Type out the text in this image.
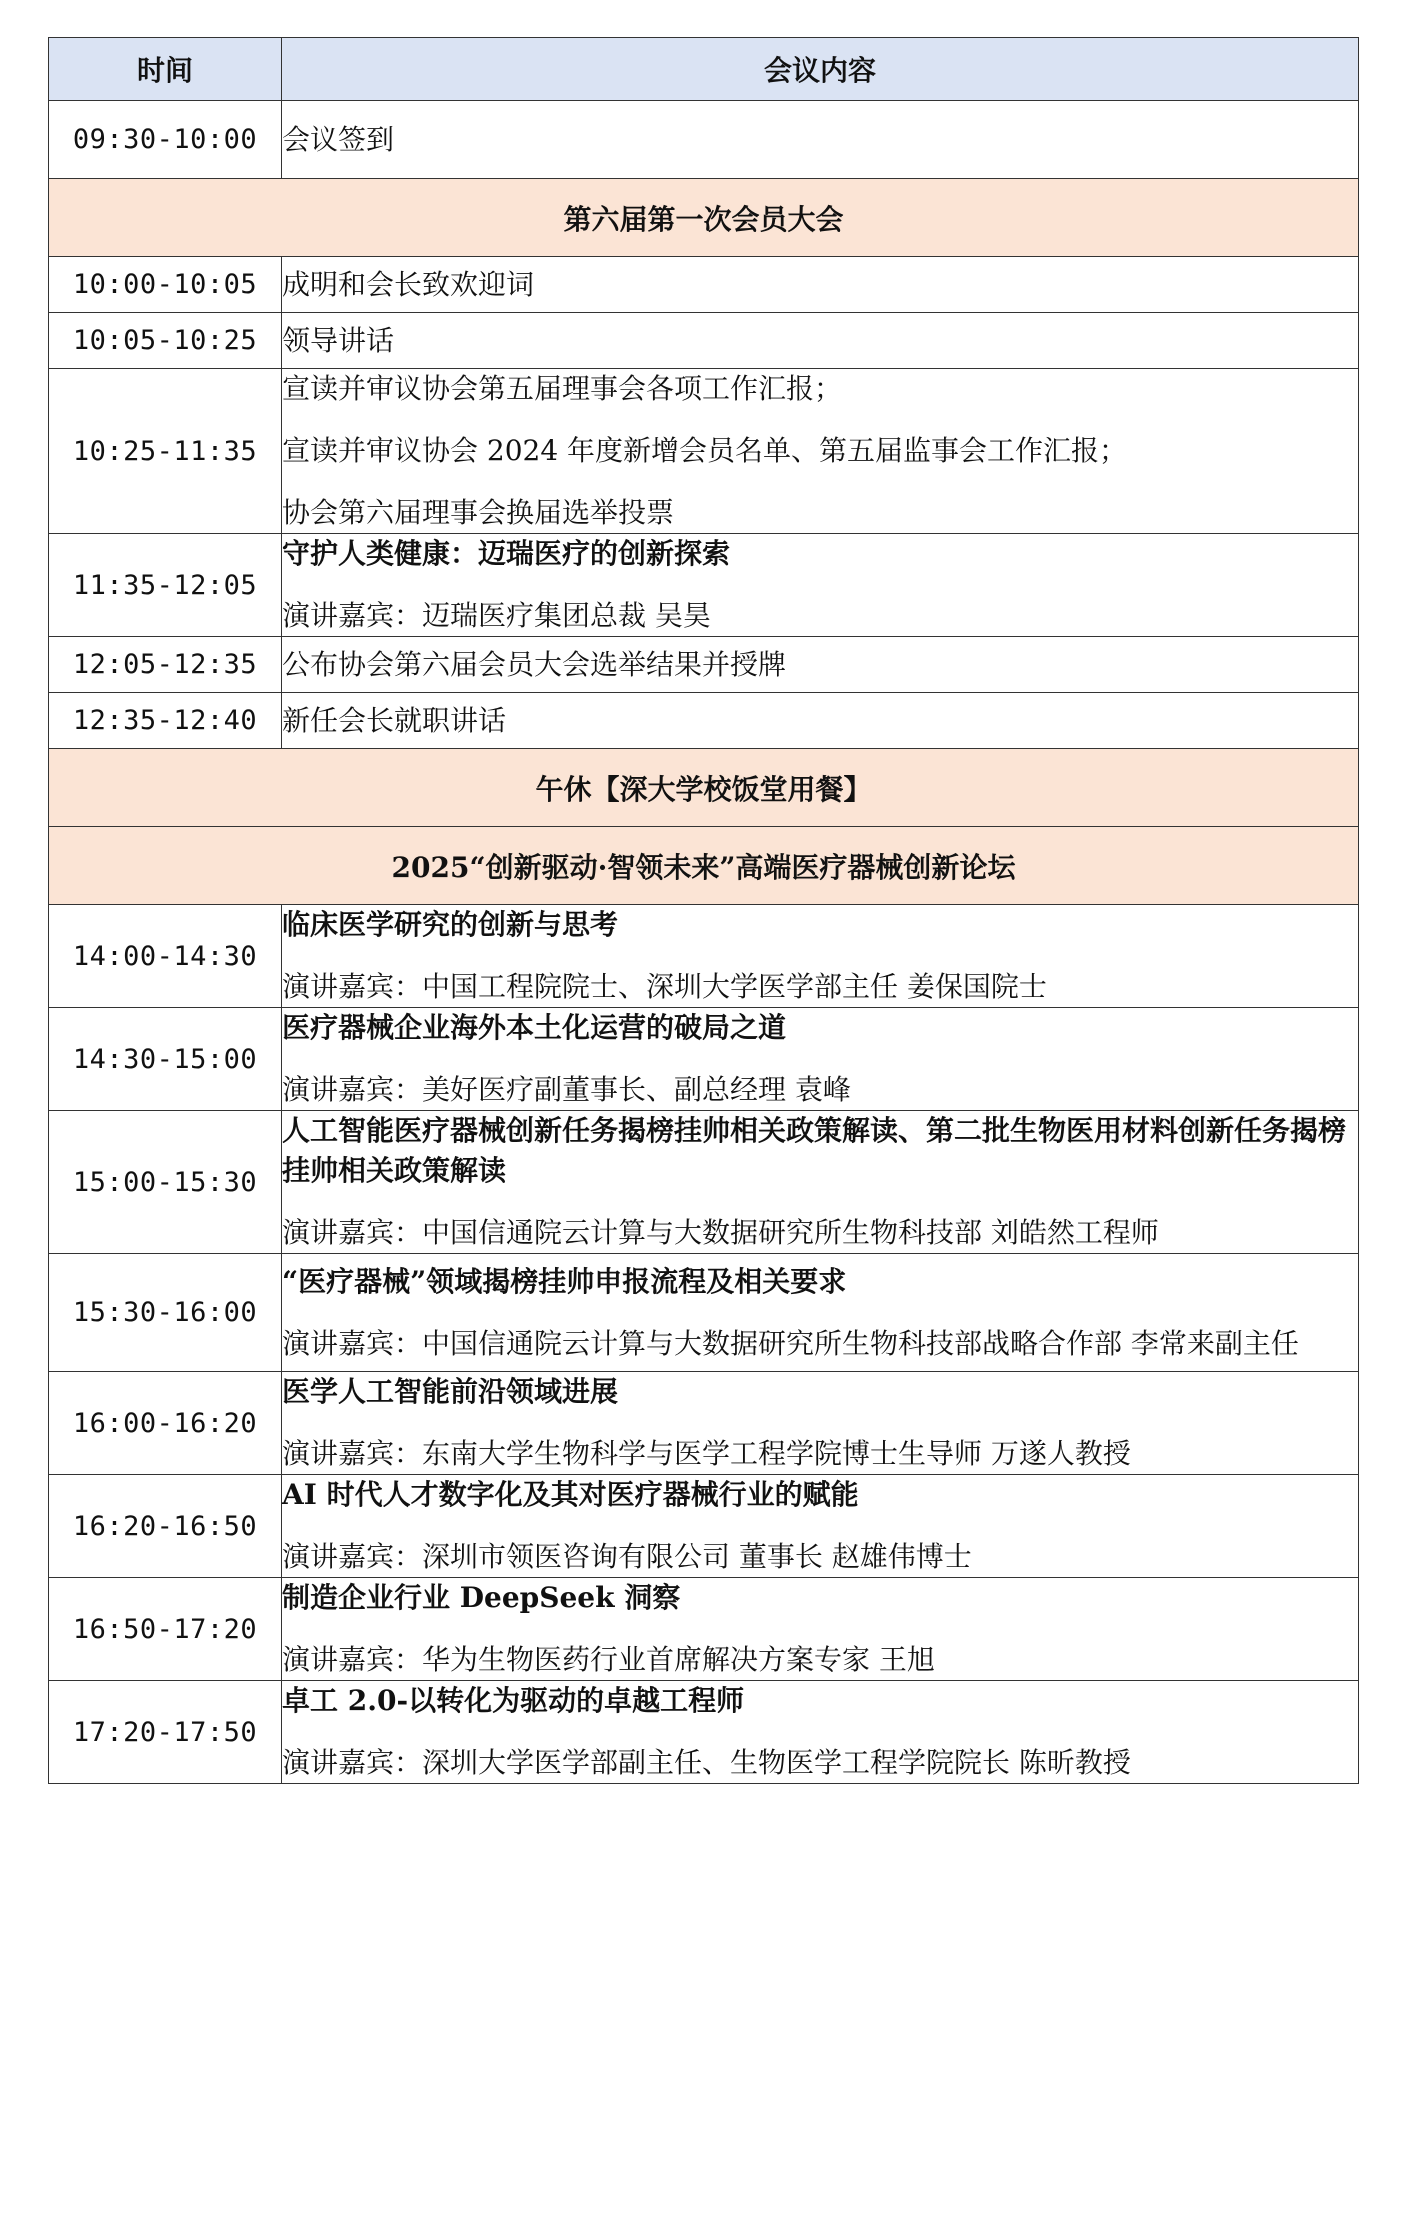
时间	会议内容
09:30-10:00	会议签到

第六届第一次会员大会	
10:00-10:05	成明和会长致欢迎词

10:05-10:25	领导讲话

10:25-11:35	宣读并审议协会第五届理事会各项工作汇报；
宣读并审议协会 2024 年度新增会员名单、第五届监事会工作汇报；
协会第六届理事会换届选举投票

11:35-12:05	守护人类健康：迈瑞医疗的创新探索
演讲嘉宾：迈瑞医疗集团总裁 吴昊

12:05-12:35	公布协会第六届会员大会选举结果并授牌

12:35-12:40	新任会长就职讲话

午休【深大学校饭堂用餐】	
2025“创新驱动·智领未来”高端医疗器械创新论坛	
14:00-14:30	临床医学研究的创新与思考
演讲嘉宾：中国工程院院士、深圳大学医学部主任 姜保国院士

14:30-15:00	医疗器械企业海外本土化运营的破局之道
演讲嘉宾：美好医疗副董事长、副总经理 袁峰

15:00-15:30	人工智能医疗器械创新任务揭榜挂帅相关政策解读、第二批生物医用材料创新任务揭榜挂帅相关政策解读
演讲嘉宾：中国信通院云计算与大数据研究所生物科技部 刘皓然工程师

15:30-16:00	“医疗器械”领域揭榜挂帅申报流程及相关要求
演讲嘉宾：中国信通院云计算与大数据研究所生物科技部战略合作部 李常来副主任

16:00-16:20	医学人工智能前沿领域进展
演讲嘉宾：东南大学生物科学与医学工程学院博士生导师 万遂人教授

16:20-16:50	AI 时代人才数字化及其对医疗器械行业的赋能
演讲嘉宾：深圳市领医咨询有限公司 董事长 赵雄伟博士

16:50-17:20	制造企业行业 DeepSeek 洞察
演讲嘉宾：华为生物医药行业首席解决方案专家 王旭

17:20-17:50	卓工 2.0-以转化为驱动的卓越工程师
演讲嘉宾：深圳大学医学部副主任、生物医学工程学院院长 陈昕教授
